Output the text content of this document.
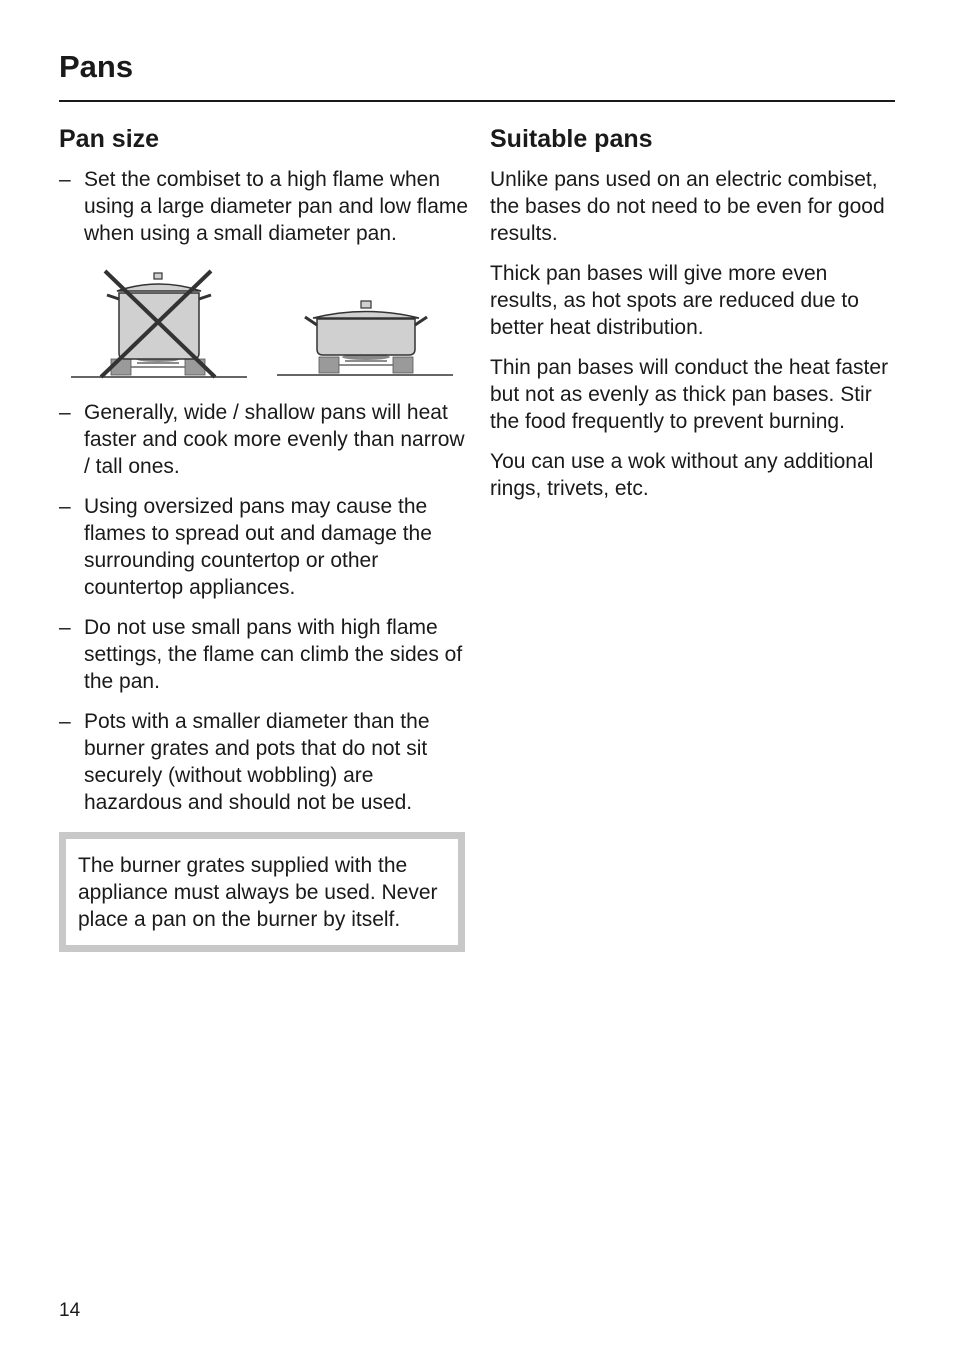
Pans
Pan size
– Set the combiset to a high flame when using a large diameter pan and low flame when using a small diameter pan.
– Generally, wide / shallow pans will heat faster and cook more evenly than narrow / tall ones.
– Using oversized pans may cause the flames to spread out and damage the surrounding countertop or other countertop appliances.
– Do not use small pans with high flame settings, the flame can climb the sides of the pan.
– Pots with a smaller diameter than the burner grates and pots that do not sit securely (without wobbling) are hazardous and should not be used.
The burner grates supplied with the appliance must always be used. Never place a pan on the burner by itself.
Suitable pans

Unlike pans used on an electric combiset, the bases do not need to be even for good results.

Thick pan bases will give more even results, as hot spots are reduced due to better heat distribution.

Thin pan bases will conduct the heat faster but not as evenly as thick pan bases. Stir the food frequently to prevent burning.

You can use a wok without any additional rings, trivets, etc.

14
